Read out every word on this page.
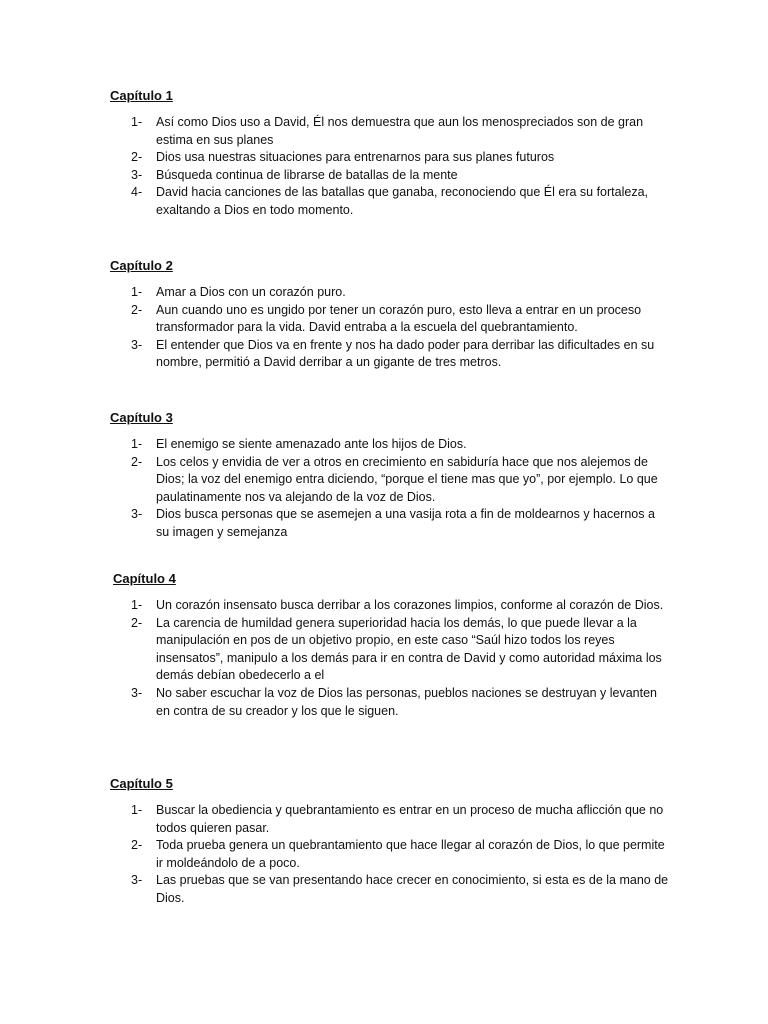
Capítulo 1
1-	Así como Dios uso a David, Él nos demuestra que aun los menospreciados son de gran estima en sus planes
2-	Dios usa nuestras situaciones para entrenarnos para sus planes futuros
3-	Búsqueda continua de librarse de batallas de la mente
4-	David hacia canciones de las batallas que ganaba, reconociendo que Él era su fortaleza, exaltando a Dios en todo momento.
Capítulo 2
1-	Amar a Dios con un corazón puro.
2-	Aun cuando uno es ungido por tener un corazón puro, esto lleva a entrar en un proceso transformador para la vida. David entraba a la escuela del quebrantamiento.
3-	El entender que Dios va en frente y nos ha dado poder para derribar las dificultades en su nombre, permitió a David derribar a un gigante de tres metros.
Capítulo 3
1-	El enemigo se siente amenazado ante los hijos de Dios.
2-	Los celos y envidia de ver a otros en crecimiento en sabiduría hace que nos alejemos de Dios; la voz del enemigo entra diciendo, “porque el tiene mas que yo”, por ejemplo. Lo que paulatinamente nos va alejando de la voz de Dios.
3-	Dios busca personas que se asemejen a una vasija rota a fin de moldearnos y hacernos a su imagen y semejanza
Capítulo 4
1-	Un corazón insensato busca derribar a los corazones limpios, conforme al corazón de Dios.
2-	La carencia de humildad genera superioridad hacia los demás, lo que puede llevar a la manipulación en pos de un objetivo propio, en este caso “Saúl hizo todos los reyes insensatos”, manipulo a los demás para ir en contra de David y como autoridad máxima los demás debían obedecerlo a el
3-	No saber escuchar la voz de Dios las personas, pueblos naciones se destruyan y levanten en contra de su creador y los que le siguen.
Capítulo 5
1-	Buscar la obediencia y quebrantamiento es entrar en un proceso de mucha aflicción que no todos quieren pasar.
2-	Toda prueba genera un quebrantamiento que hace llegar al corazón de Dios, lo que permite ir moldeándolo de a poco.
3-	Las pruebas que se van presentando hace crecer en conocimiento, si esta es de la mano de Dios.
